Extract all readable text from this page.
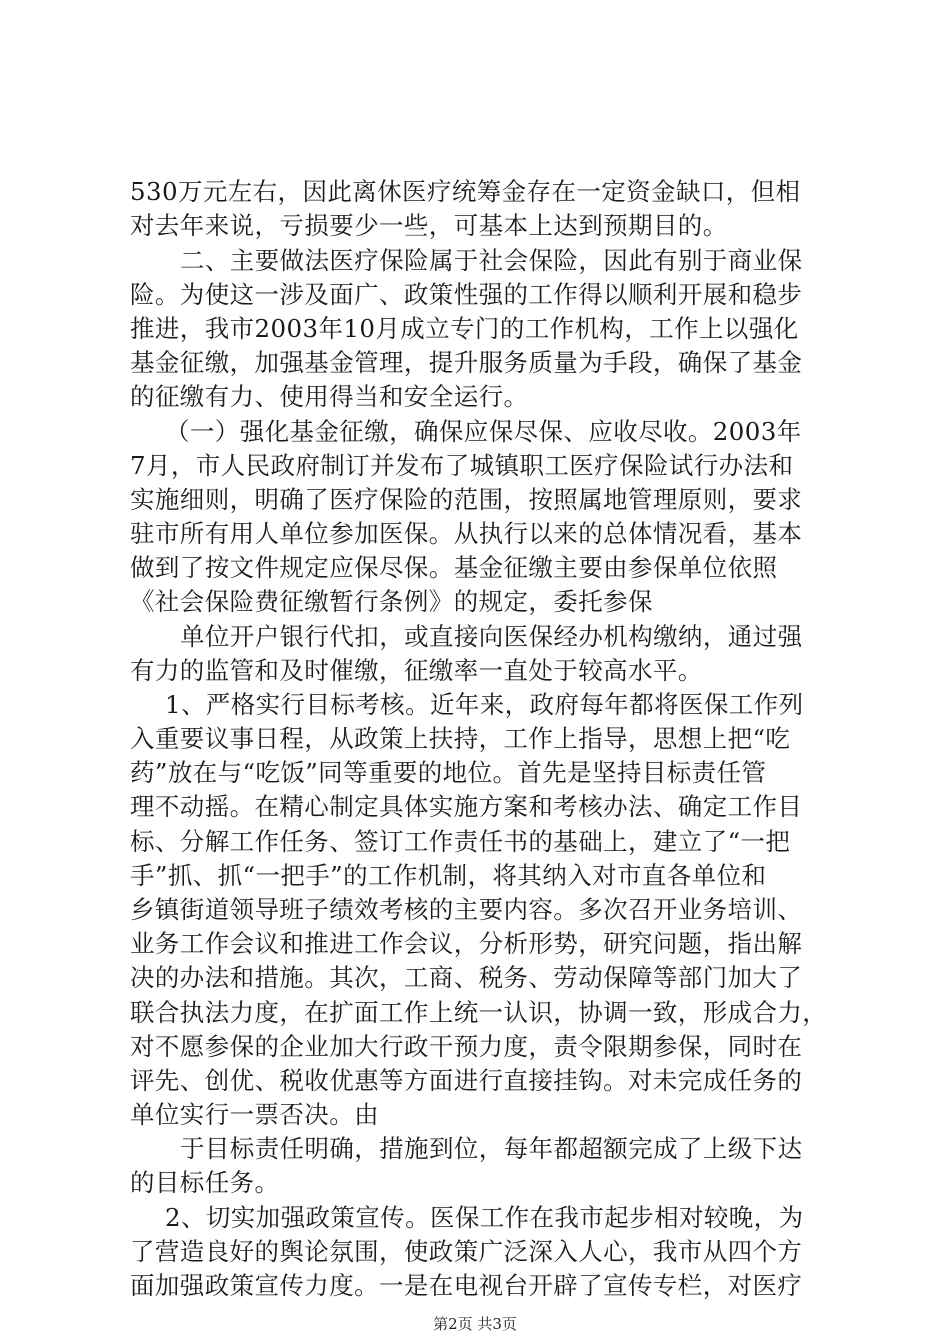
530万元左右，因此离休医疗统筹金存在一定资金缺口，但相
对去年来说，亏损要少一些，可基本上达到预期目的。
二、主要做法医疗保险属于社会保险，因此有别于商业保
险。为使这一涉及面广、政策性强的工作得以顺利开展和稳步
推进，我市2003年10月成立专门的工作机构，工作上以强化
基金征缴，加强基金管理，提升服务质量为手段，确保了基金
的征缴有力、使用得当和安全运行。
（一）强化基金征缴，确保应保尽保、应收尽收。2003年
7月，市人民政府制订并发布了城镇职工医疗保险试行办法和
实施细则，明确了医疗保险的范围，按照属地管理原则，要求
驻市所有用人单位参加医保。从执行以来的总体情况看，基本
做到了按文件规定应保尽保。基金征缴主要由参保单位依照
《社会保险费征缴暂行条例》的规定，委托参保
单位开户银行代扣，或直接向医保经办机构缴纳，通过强
有力的监管和及时催缴，征缴率一直处于较高水平。
1、严格实行目标考核。近年来，政府每年都将医保工作列
入重要议事日程，从政策上扶持，工作上指导，思想上把“吃
药”放在与“吃饭”同等重要的地位。首先是坚持目标责任管
理不动摇。在精心制定具体实施方案和考核办法、确定工作目
标、分解工作任务、签订工作责任书的基础上，建立了“一把
手”抓、抓“一把手”的工作机制，将其纳入对市直各单位和
乡镇街道领导班子绩效考核的主要内容。多次召开业务培训、
业务工作会议和推进工作会议，分析形势，研究问题，指出解
决的办法和措施。其次，工商、税务、劳动保障等部门加大了
联合执法力度，在扩面工作上统一认识，协调一致，形成合力，
对不愿参保的企业加大行政干预力度，责令限期参保，同时在
评先、创优、税收优惠等方面进行直接挂钩。对未完成任务的
单位实行一票否决。由
于目标责任明确，措施到位，每年都超额完成了上级下达
的目标任务。
2、切实加强政策宣传。医保工作在我市起步相对较晚，为
了营造良好的舆论氛围，使政策广泛深入人心，我市从四个方
面加强政策宣传力度。一是在电视台开辟了宣传专栏，对医疗
第2页 共3页
